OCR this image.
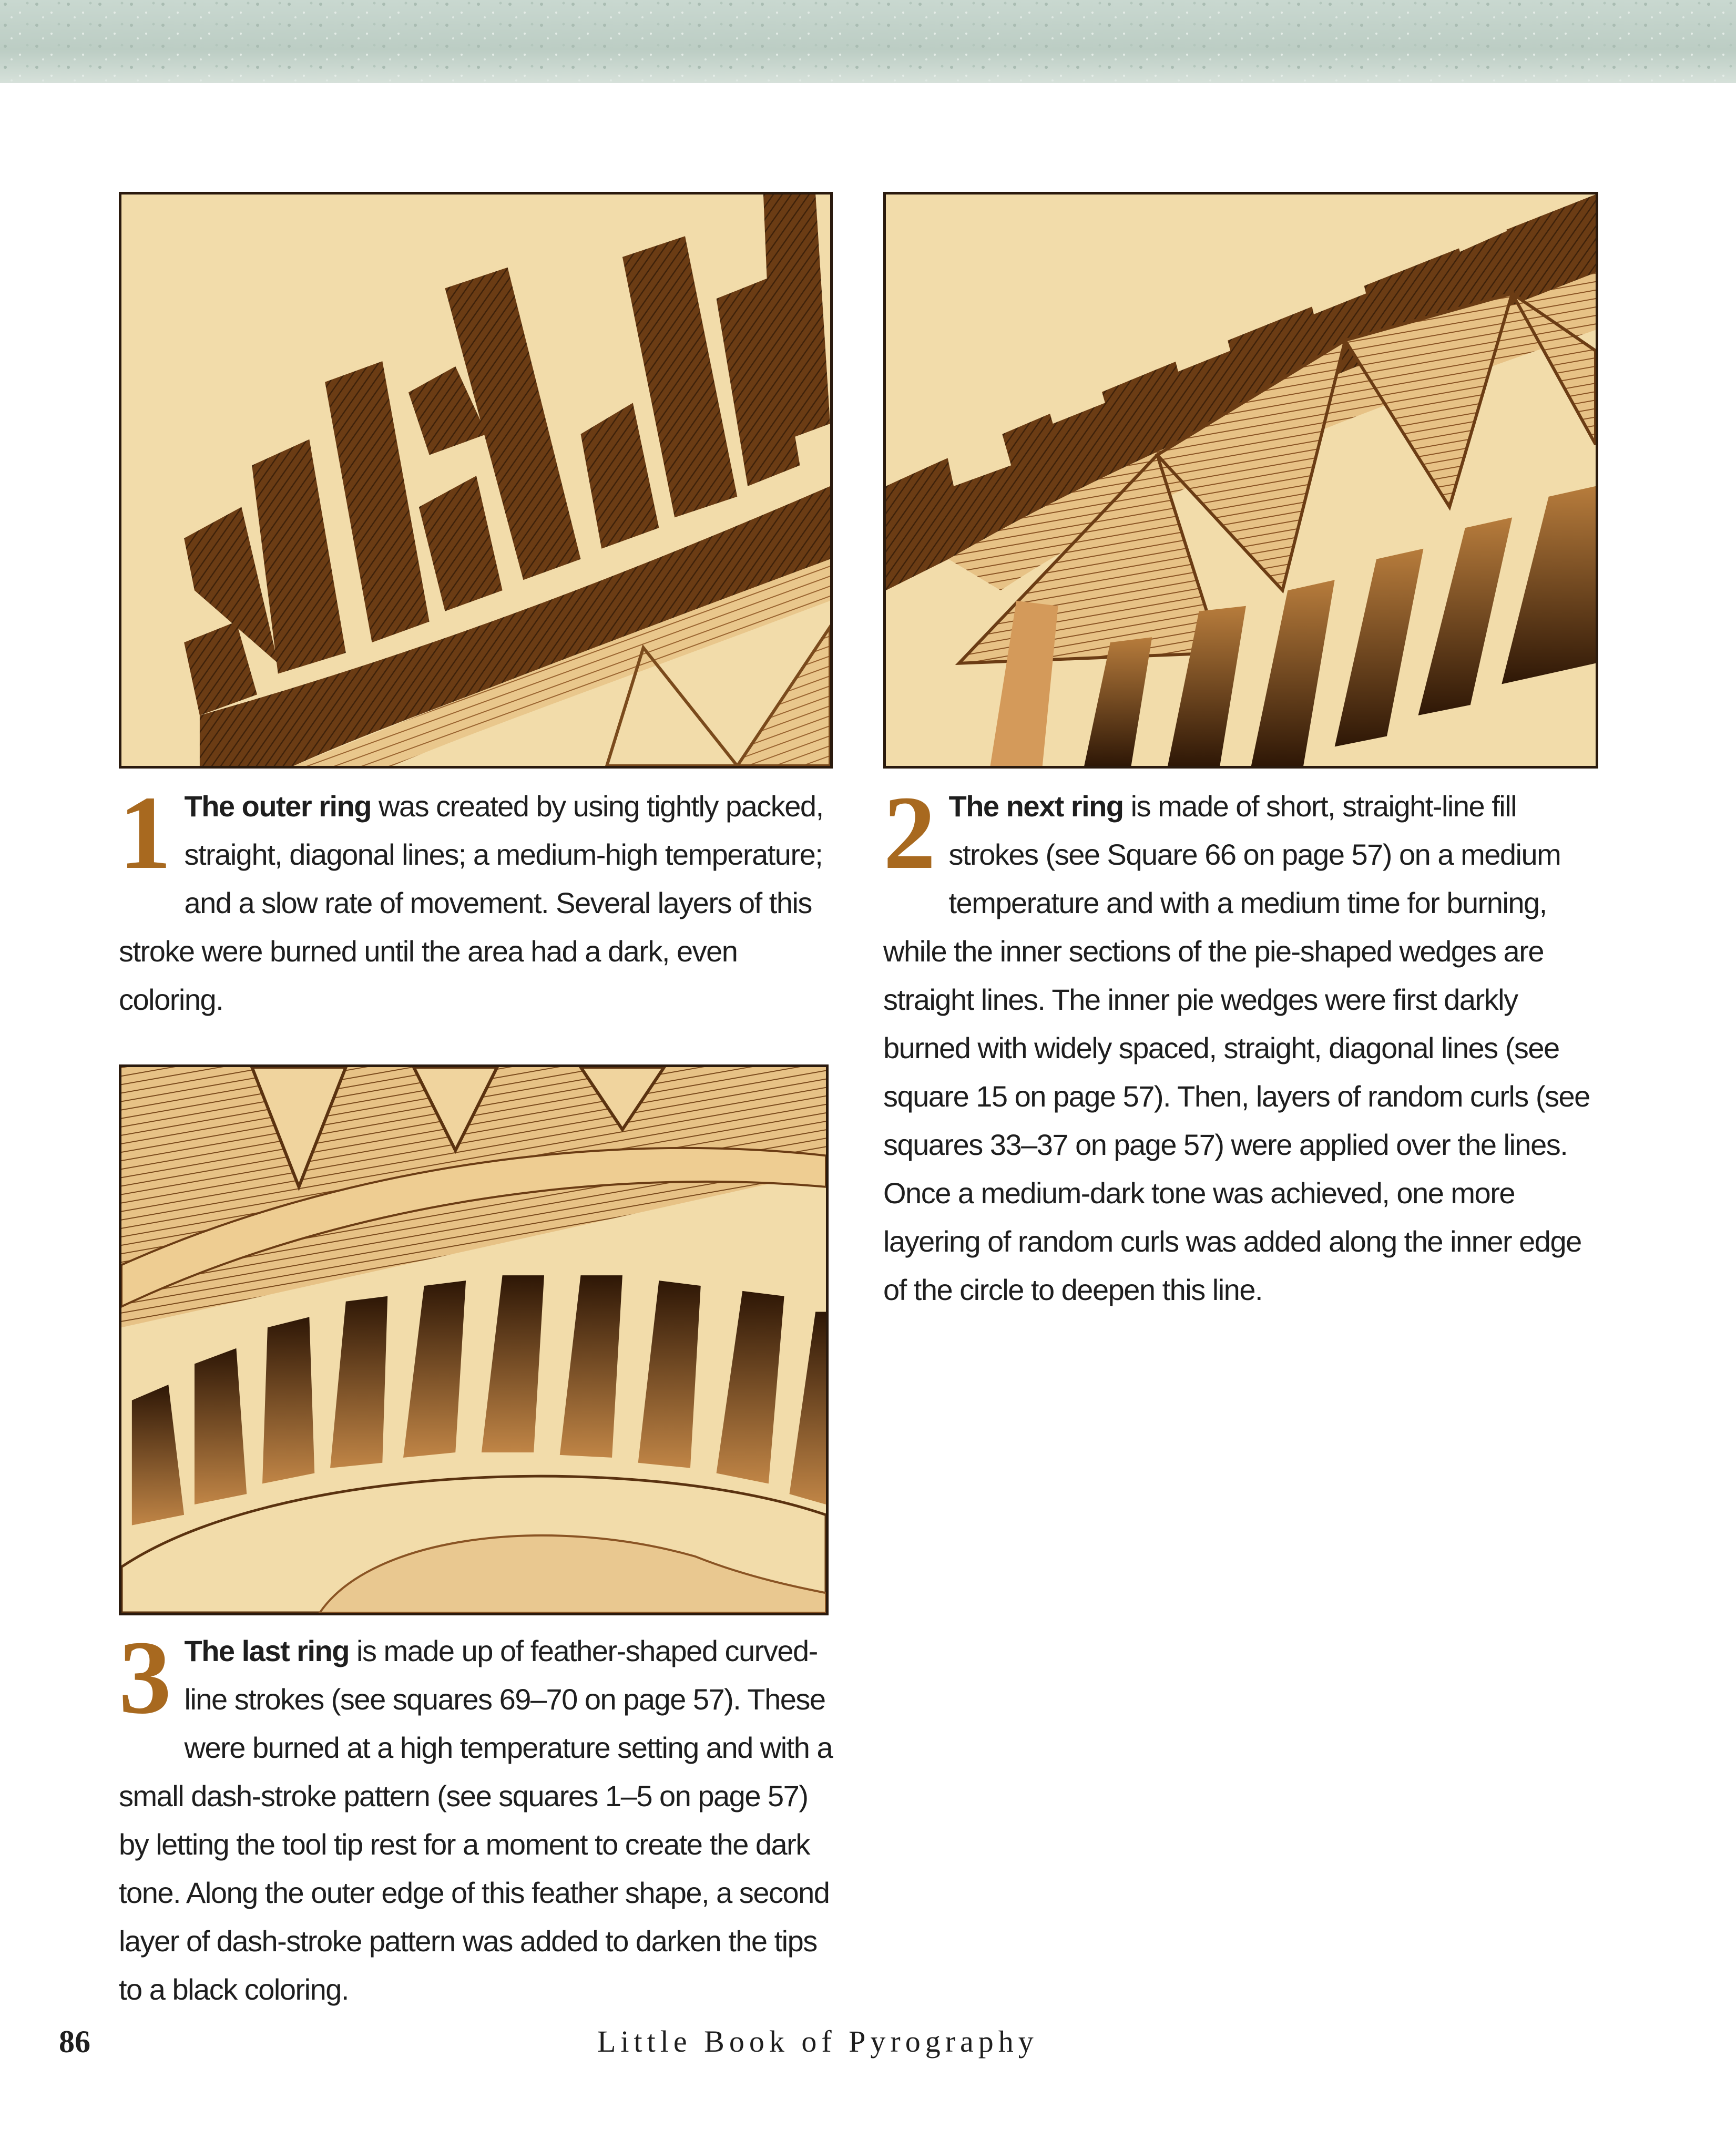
1 The outer ring was created by using tightly packed, straight, diagonal lines; a medium-high temperature; and a slow rate of movement. Several layers of this stroke were burned until the area had a dark, even coloring.
2 The next ring is made of short, straight-line fill strokes (see Square 66 on page 57) on a medium temperature and with a medium time for burning, while the inner sections of the pie-shaped wedges are straight lines. The inner pie wedges were first darkly burned with widely spaced, straight, diagonal lines (see square 15 on page 57). Then, layers of random curls (see squares 33–37 on page 57) were applied over the lines. Once a medium-dark tone was achieved, one more layering of random curls was added along the inner edge of the circle to deepen this line.
3 The last ring is made up of feather-shaped curved-line strokes (see squares 69–70 on page 57). These were burned at a high temperature setting and with a small dash-stroke pattern (see squares 1–5 on page 57) by letting the tool tip rest for a moment to create the dark tone. Along the outer edge of this feather shape, a second layer of dash-stroke pattern was added to darken the tips to a black coloring.
86	Little Book of Pyrography
